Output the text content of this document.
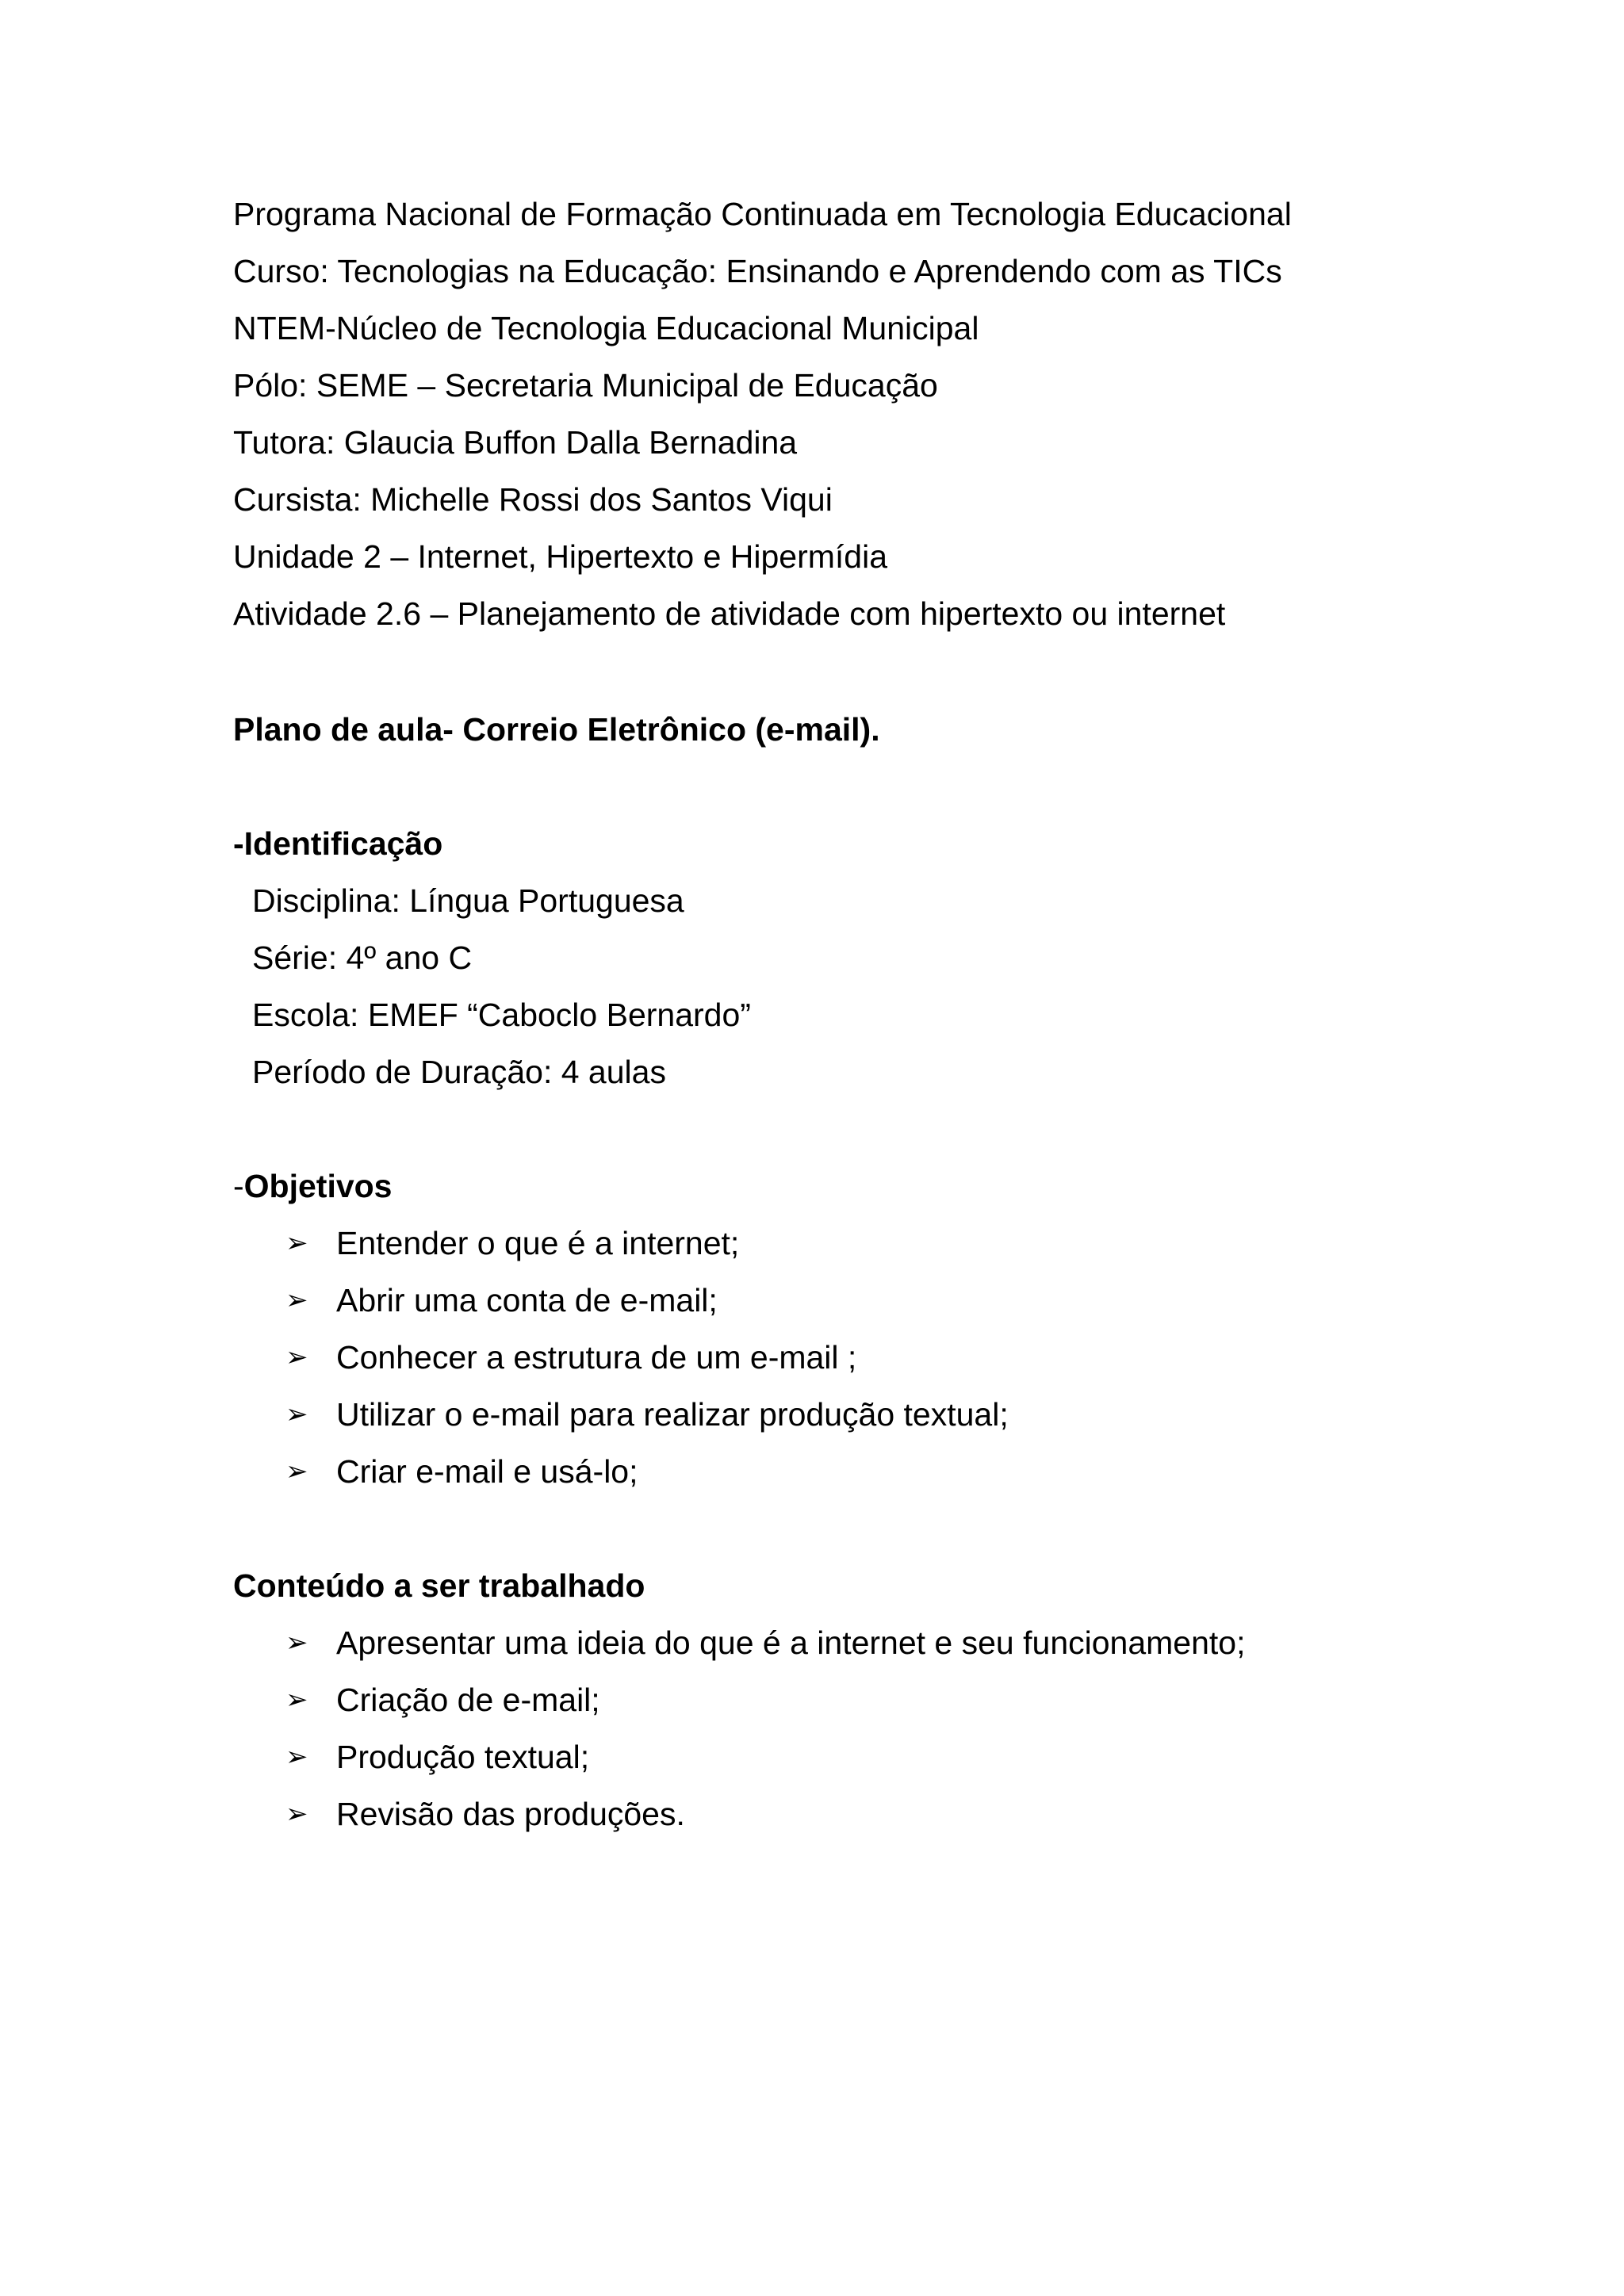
Programa Nacional de Formação Continuada em Tecnologia Educacional
Curso: Tecnologias na Educação: Ensinando e Aprendendo com as TICs
NTEM-Núcleo de Tecnologia Educacional Municipal
Pólo: SEME – Secretaria Municipal de Educação
Tutora: Glaucia Buffon Dalla Bernadina
Cursista: Michelle Rossi dos Santos Viqui
Unidade 2 – Internet, Hipertexto e Hipermídia
Atividade 2.6 – Planejamento de atividade com hipertexto ou internet
Plano de aula- Correio Eletrônico (e-mail).
-Identificação
Disciplina: Língua Portuguesa
Série: 4º ano C
Escola: EMEF “Caboclo Bernardo”
Período de Duração: 4 aulas
-Objetivos
➢ Entender o que é a internet;
➢ Abrir uma conta de e-mail;
➢ Conhecer a estrutura de um e-mail ;
➢ Utilizar o e-mail para realizar produção textual;
➢ Criar e-mail e usá-lo;
Conteúdo a ser trabalhado
➢ Apresentar uma ideia do que é a internet e seu funcionamento;
➢ Criação de e-mail;
➢ Produção textual;
➢ Revisão das produções.
